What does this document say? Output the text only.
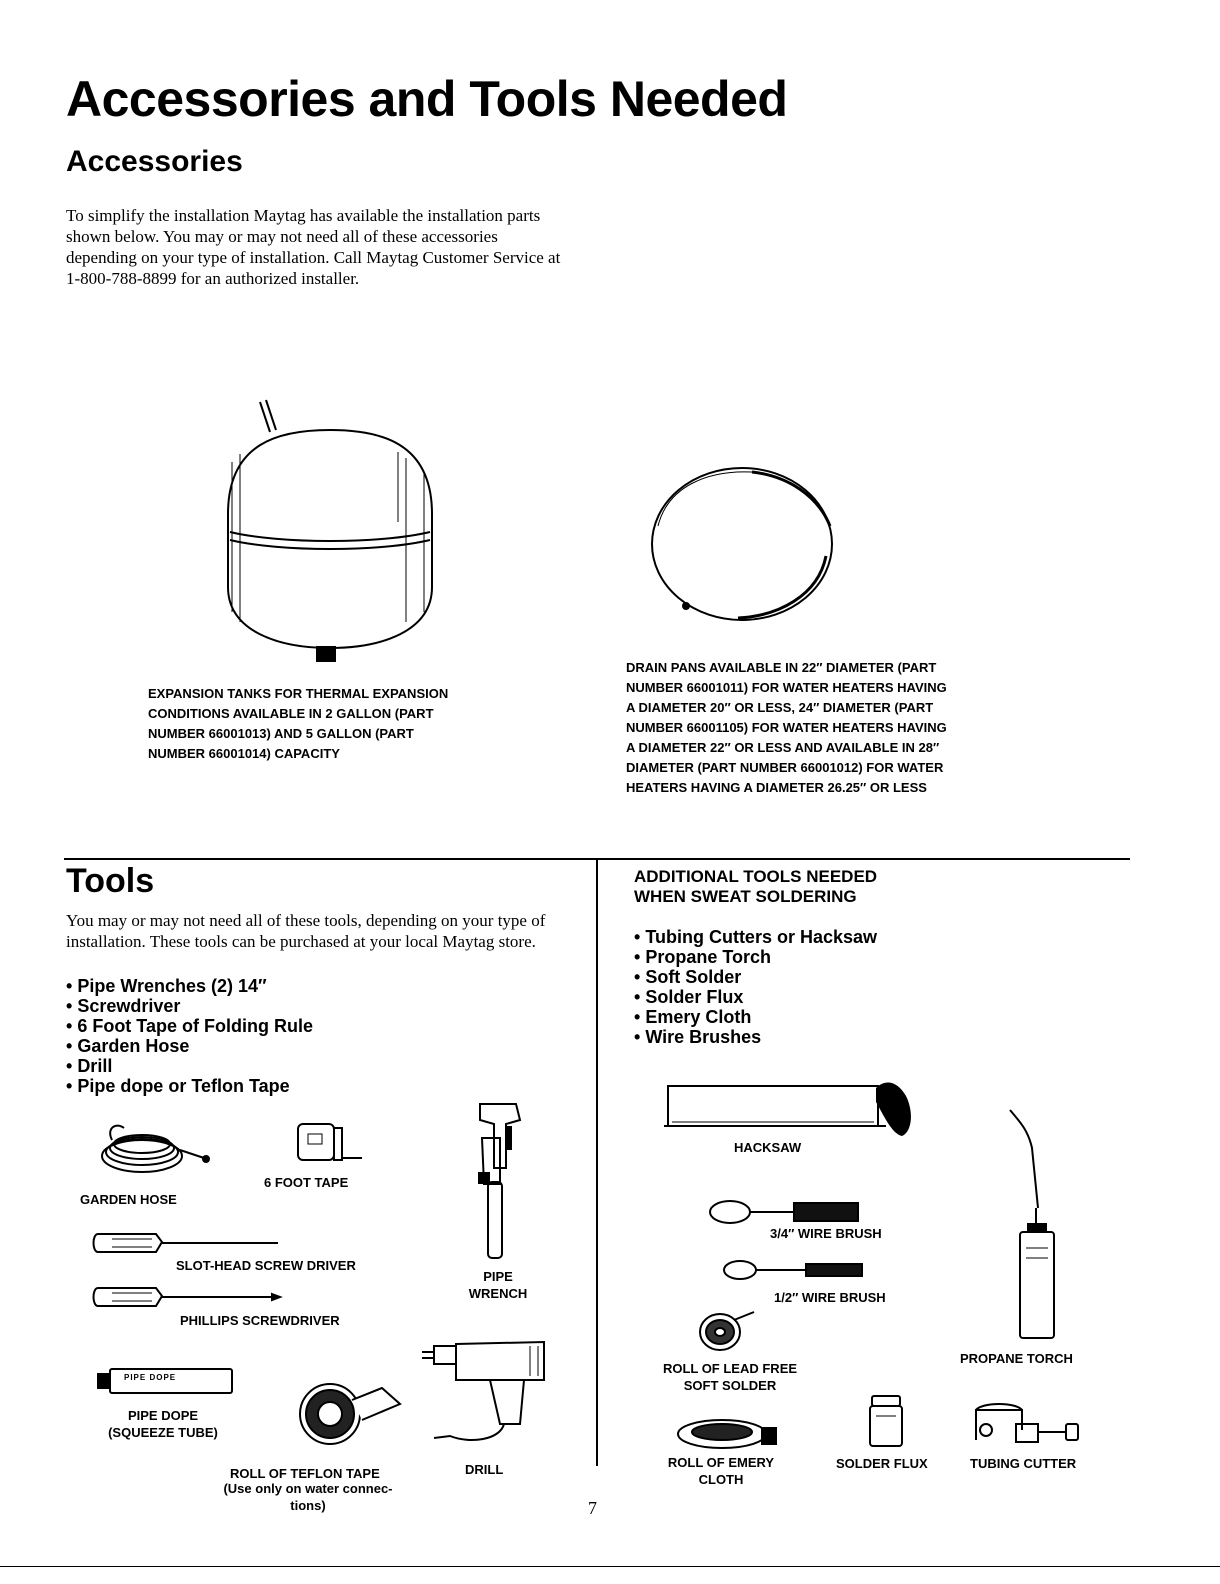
Accessories and Tools Needed
Accessories

To simplify the installation Maytag has available the installation parts shown below. You may or may not need all of these accessories depending on your type of installation. Call Maytag Customer Service at 1-800-788-8899 for an authorized installer.

EXPANSION TANKS FOR THERMAL EXPANSION
CONDITIONS AVAILABLE IN 2 GALLON (PART
NUMBER 66001013) AND 5 GALLON (PART
NUMBER 66001014) CAPACITY

DRAIN PANS AVAILABLE IN 22″ DIAMETER (PART
NUMBER 66001011) FOR WATER HEATERS HAVING
A DIAMETER 20″ OR LESS, 24″ DIAMETER (PART
NUMBER 66001105) FOR WATER HEATERS HAVING
A DIAMETER 22″ OR LESS AND AVAILABLE IN 28″
DIAMETER (PART NUMBER 66001012) FOR WATER
HEATERS HAVING A DIAMETER 26.25″ OR LESS

Tools

You may or may not need all of these tools, depending on your type of installation. These tools can be purchased at your local Maytag store.

• Pipe Wrenches (2) 14″
• Screwdriver
• 6 Foot Tape of Folding Rule
• Garden Hose
• Drill
• Pipe dope or Teflon Tape
GARDEN HOSE
6 FOOT TAPE
PIPE
WRENCH
SLOT-HEAD SCREW DRIVER
PHILLIPS SCREWDRIVER
PIPE DOPE
PIPE DOPE
(SQUEEZE TUBE)
ROLL OF TEFLON TAPE
(Use only on water connec-
tions)
DRILL
ADDITIONAL TOOLS NEEDED
WHEN SWEAT SOLDERING
• Tubing Cutters or Hacksaw
• Propane Torch
• Soft Solder
• Solder Flux
• Emery Cloth
• Wire Brushes
HACKSAW
3/4″ WIRE BRUSH
1/2″ WIRE BRUSH
ROLL OF LEAD FREE
SOFT SOLDER
PROPANE TORCH
ROLL OF EMERY
CLOTH
SOLDER FLUX	TUBING CUTTER
7
